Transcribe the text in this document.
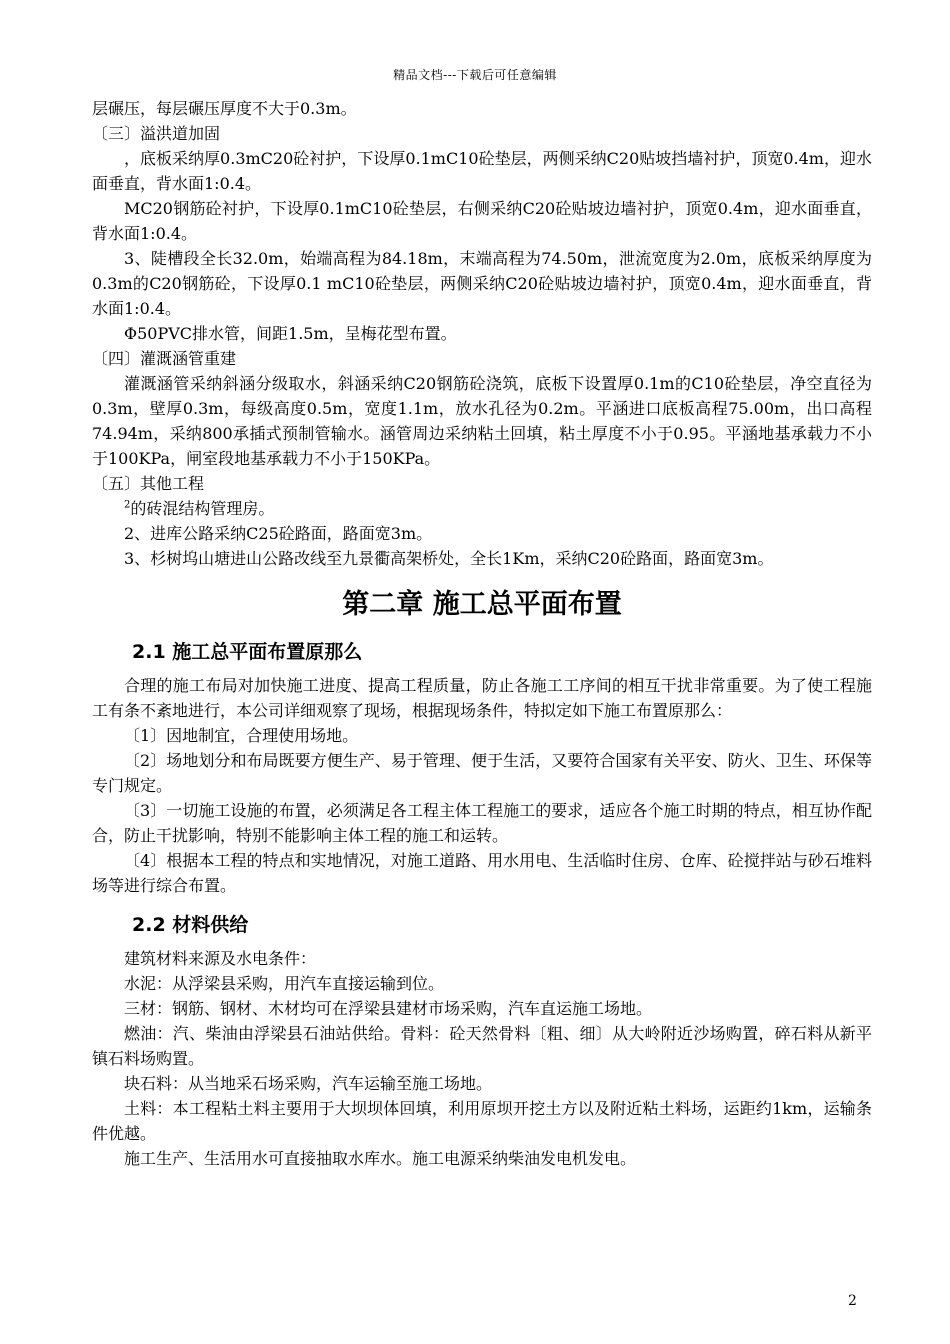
精品文档---下载后可任意编辑

层碾压，每层碾压厚度不大于0.3m。

〔三〕溢洪道加固

，底板采纳厚0.3mC20砼衬护，下设厚0.1mC10砼垫层，两侧采纳C20贴坡挡墙衬护，顶宽0.4m，迎水面垂直，背水面1:0.4。

MC20钢筋砼衬护，下设厚0.1mC10砼垫层，右侧采纳C20砼贴坡边墙衬护，顶宽0.4m，迎水面垂直，背水面1:0.4。

3、陡槽段全长32.0m，始端高程为84.18m，末端高程为74.50m，泄流宽度为2.0m，底板采纳厚度为0.3m的C20钢筋砼，下设厚0.1 mC10砼垫层，两侧采纳C20砼贴坡边墙衬护，顶宽0.4m，迎水面垂直，背水面1:0.4。

Φ50PVC排水管，间距1.5m，呈梅花型布置。

〔四〕灌溉涵管重建

灌溉涵管采纳斜涵分级取水，斜涵采纳C20钢筋砼浇筑，底板下设置厚0.1m的C10砼垫层，净空直径为0.3m，壁厚0.3m，每级高度0.5m，宽度1.1m，放水孔径为0.2m。平涵进口底板高程75.00m，出口高程74.94m，采纳800承插式预制管输水。涵管周边采纳粘土回填，粘土厚度不小于0.95。平涵地基承载力不小于100KPa，闸室段地基承载力不小于150KPa。

〔五〕其他工程

$^2$的砖混结构管理房。

2、进库公路采纳C25砼路面，路面宽3m。

3、杉树坞山塘进山公路改线至九景衢高架桥处，全长1Km，采纳C20砼路面，路面宽3m。

第二章 施工总平面布置
2.1 施工总平面布置原那么

合理的施工布局对加快施工进度、提高工程质量，防止各施工工序间的相互干扰非常重要。为了使工程施工有条不紊地进行，本公司详细观察了现场，根据现场条件，特拟定如下施工布置原那么：

〔1〕因地制宜，合理使用场地。

〔2〕场地划分和布局既要方便生产、易于管理、便于生活，又要符合国家有关平安、防火、卫生、环保等专门规定。

〔3〕一切施工设施的布置，必须满足各工程主体工程施工的要求，适应各个施工时期的特点，相互协作配合，防止干扰影响，特别不能影响主体工程的施工和运转。

〔4〕根据本工程的特点和实地情况，对施工道路、用水用电、生活临时住房、仓库、砼搅拌站与砂石堆料场等进行综合布置。

2.2 材料供给

建筑材料来源及水电条件：

水泥：从浮梁县采购，用汽车直接运输到位。

三材：钢筋、钢材、木材均可在浮梁县建材市场采购，汽车直运施工场地。

燃油：汽、柴油由浮梁县石油站供给。骨料：砼天然骨料〔粗、细〕从大岭附近沙场购置，碎石料从新平镇石料场购置。

块石料：从当地采石场采购，汽车运输至施工场地。

土料：本工程粘土料主要用于大坝坝体回填，利用原坝开挖土方以及附近粘土料场，运距约1km，运输条件优越。

施工生产、生活用水可直接抽取水库水。施工电源采纳柴油发电机发电。

2
